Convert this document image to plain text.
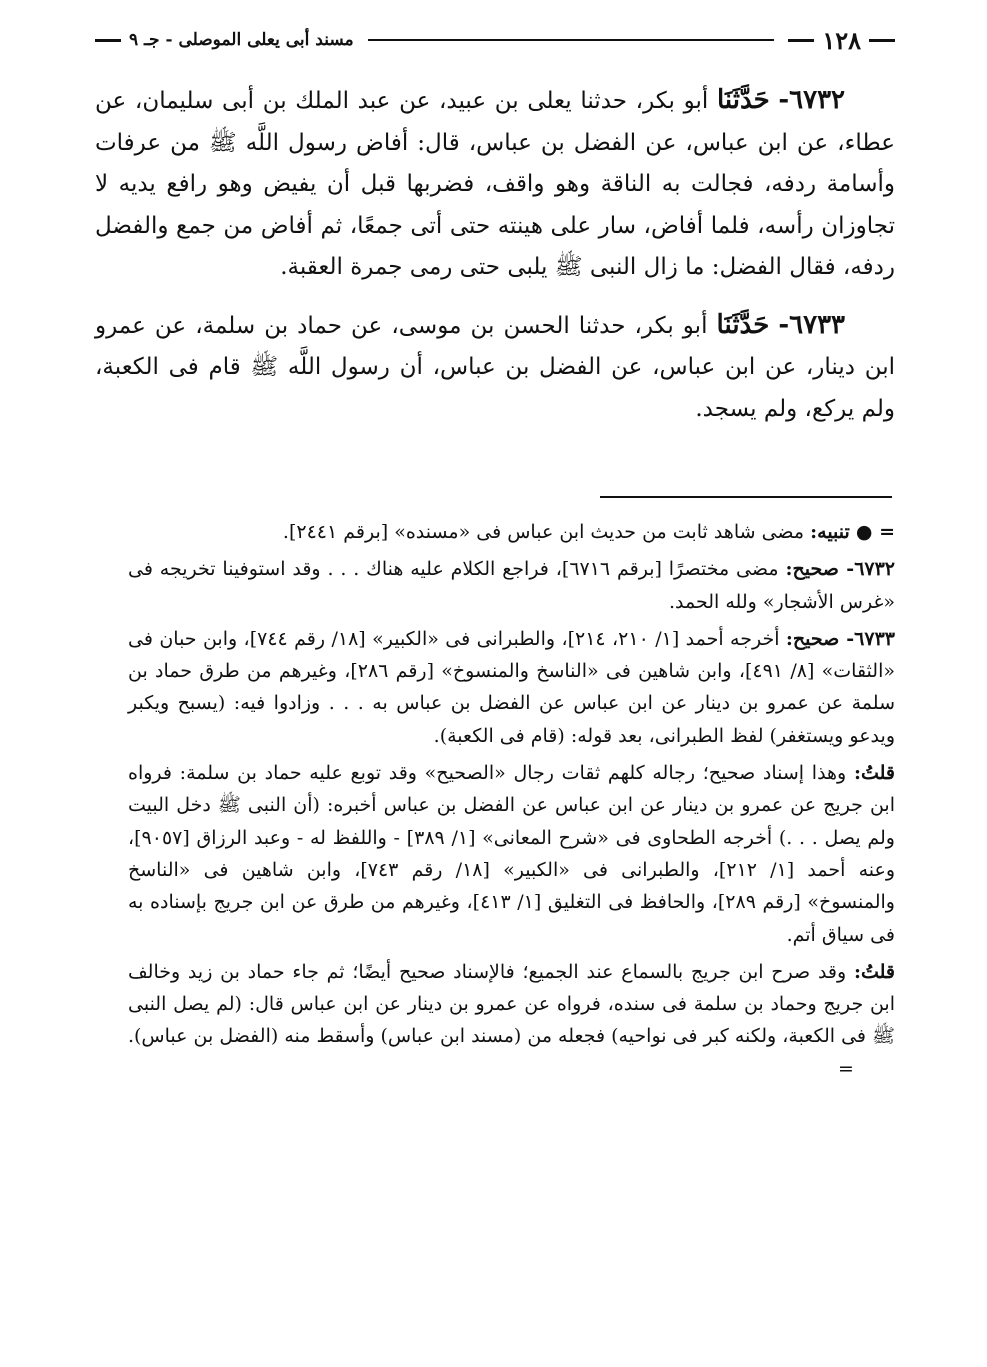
١٢٨
مسند أبى يعلى الموصلى - جـ ٩

٦٧٣٢- حَدَّثَنَا أبو بكر، حدثنا يعلى بن عبيد، عن عبد الملك بن أبى سليمان، عن عطاء، عن ابن عباس، عن الفضل بن عباس، قال: أفاض رسول اللَّه ﷺ من عرفات وأسامة ردفه، فجالت به الناقة وهو واقف، فضربها قبل أن يفيض وهو رافع يديه لا تجاوزان رأسه، فلما أفاض، سار على هينته حتى أتى جمعًا، ثم أفاض من جمع والفضل ردفه، فقال الفضل: ما زال النبى ﷺ يلبى حتى رمى جمرة العقبة.

٦٧٣٣- حَدَّثَنَا أبو بكر، حدثنا الحسن بن موسى، عن حماد بن سلمة، عن عمرو ابن دينار، عن ابن عباس، عن الفضل بن عباس، أن رسول اللَّه ﷺ قام فى الكعبة، ولم يركع، ولم يسجد.

= ● تنبيه: مضى شاهد ثابت من حديث ابن عباس فى «مسنده» [برقم ٢٤٤١].

٦٧٣٢- صحيح: مضى مختصرًا [برقم ٦٧١٦]، فراجع الكلام عليه هناك . . . وقد استوفينا تخريجه فى «غرس الأشجار» ولله الحمد.

٦٧٣٣- صحيح: أخرجه أحمد [١/ ٢١٠، ٢١٤]، والطبرانى فى «الكبير» [١٨/ رقم ٧٤٤]، وابن حبان فى «الثقات» [٨/ ٤٩١]، وابن شاهين فى «الناسخ والمنسوخ» [رقم ٢٨٦]، وغيرهم من طرق حماد بن سلمة عن عمرو بن دينار عن ابن عباس عن الفضل بن عباس به . . . وزادوا فيه: (يسبح ويكبر ويدعو ويستغفر) لفظ الطبرانى، بعد قوله: (قام فى الكعبة).

قلتُ: وهذا إسناد صحيح؛ رجاله كلهم ثقات رجال «الصحيح» وقد توبع عليه حماد بن سلمة: فرواه ابن جريج عن عمرو بن دينار عن ابن عباس عن الفضل بن عباس أخبره: (أن النبى ﷺ دخل البيت ولم يصل . . .) أخرجه الطحاوى فى «شرح المعانى» [١/ ٣٨٩] - واللفظ له - وعبد الرزاق [٩٠٥٧]، وعنه أحمد [١/ ٢١٢]، والطبرانى فى «الكبير» [١٨/ رقم ٧٤٣]، وابن شاهين فى «الناسخ والمنسوخ» [رقم ٢٨٩]، والحافظ فى التغليق [١/ ٤١٣]، وغيرهم من طرق عن ابن جريج بإسناده به فى سياق أتم.

قلتُ: وقد صرح ابن جريج بالسماع عند الجميع؛ فالإسناد صحيح أيضًا؛ ثم جاء حماد بن زيد وخالف ابن جريج وحماد بن سلمة فى سنده، فرواه عن عمرو بن دينار عن ابن عباس قال: (لم يصل النبى ﷺ فى الكعبة، ولكنه كبر فى نواحيه) فجعله من (مسند ابن عباس) وأسقط منه (الفضل بن عباس).
=
